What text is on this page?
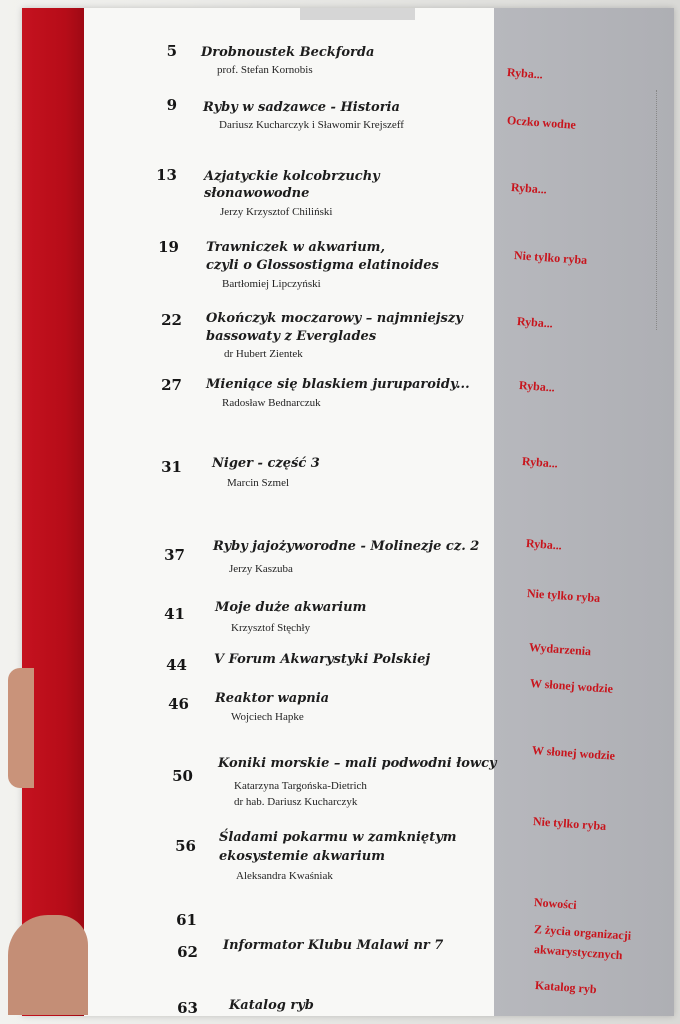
5 Drobnoustek Beckforda
prof. Stefan Kornobis	Ryba...
9 Ryby w sadzawce - Historia
Dariusz Kucharczyk i Sławomir Krejszeff	Oczko wodne
13 Azjatyckie kolcobrzuchy
słonawowodne
Jerzy Krzysztof Chiliński
Ryba...
19 Trawniczek w akwarium,
czyli o Glossostigma elatinoides
Bartłomiej Lipczyński
Nie tylko ryba
22 Okończyk moczarowy – najmniejszy
bassowaty z Everglades
dr Hubert Zientek
Ryba...
27 Mieniące się blaskiem juruparoidy...
Radosław Bednarczuk
Ryba...
31 Niger - część 3
Marcin Szmel
Ryba...
37 Ryby jajożyworodne - Molinezje cz. 2
Jerzy Kaszuba
Ryba...
41 Moje duże akwarium
Krzysztof Stęchły
Nie tylko ryba
44 V Forum Akwarystyki Polskiej
Wydarzenia
46 Reaktor wapnia
Wojciech Hapke
W słonej wodzie
50
Koniki morskie – mali podwodni łowcy
Katarzyna Targońska-Dietrich
dr hab. Dariusz Kucharczyk
W słonej wodzie
56 Śladami pokarmu w zamkniętym
ekosystemie akwarium
Aleksandra Kwaśniak
Nie tylko ryba
61
Nowości
62 Informator Klubu Malawi nr 7
Z życia organizacji
akwarystycznych
63 Katalog ryb
Katalog ryb
